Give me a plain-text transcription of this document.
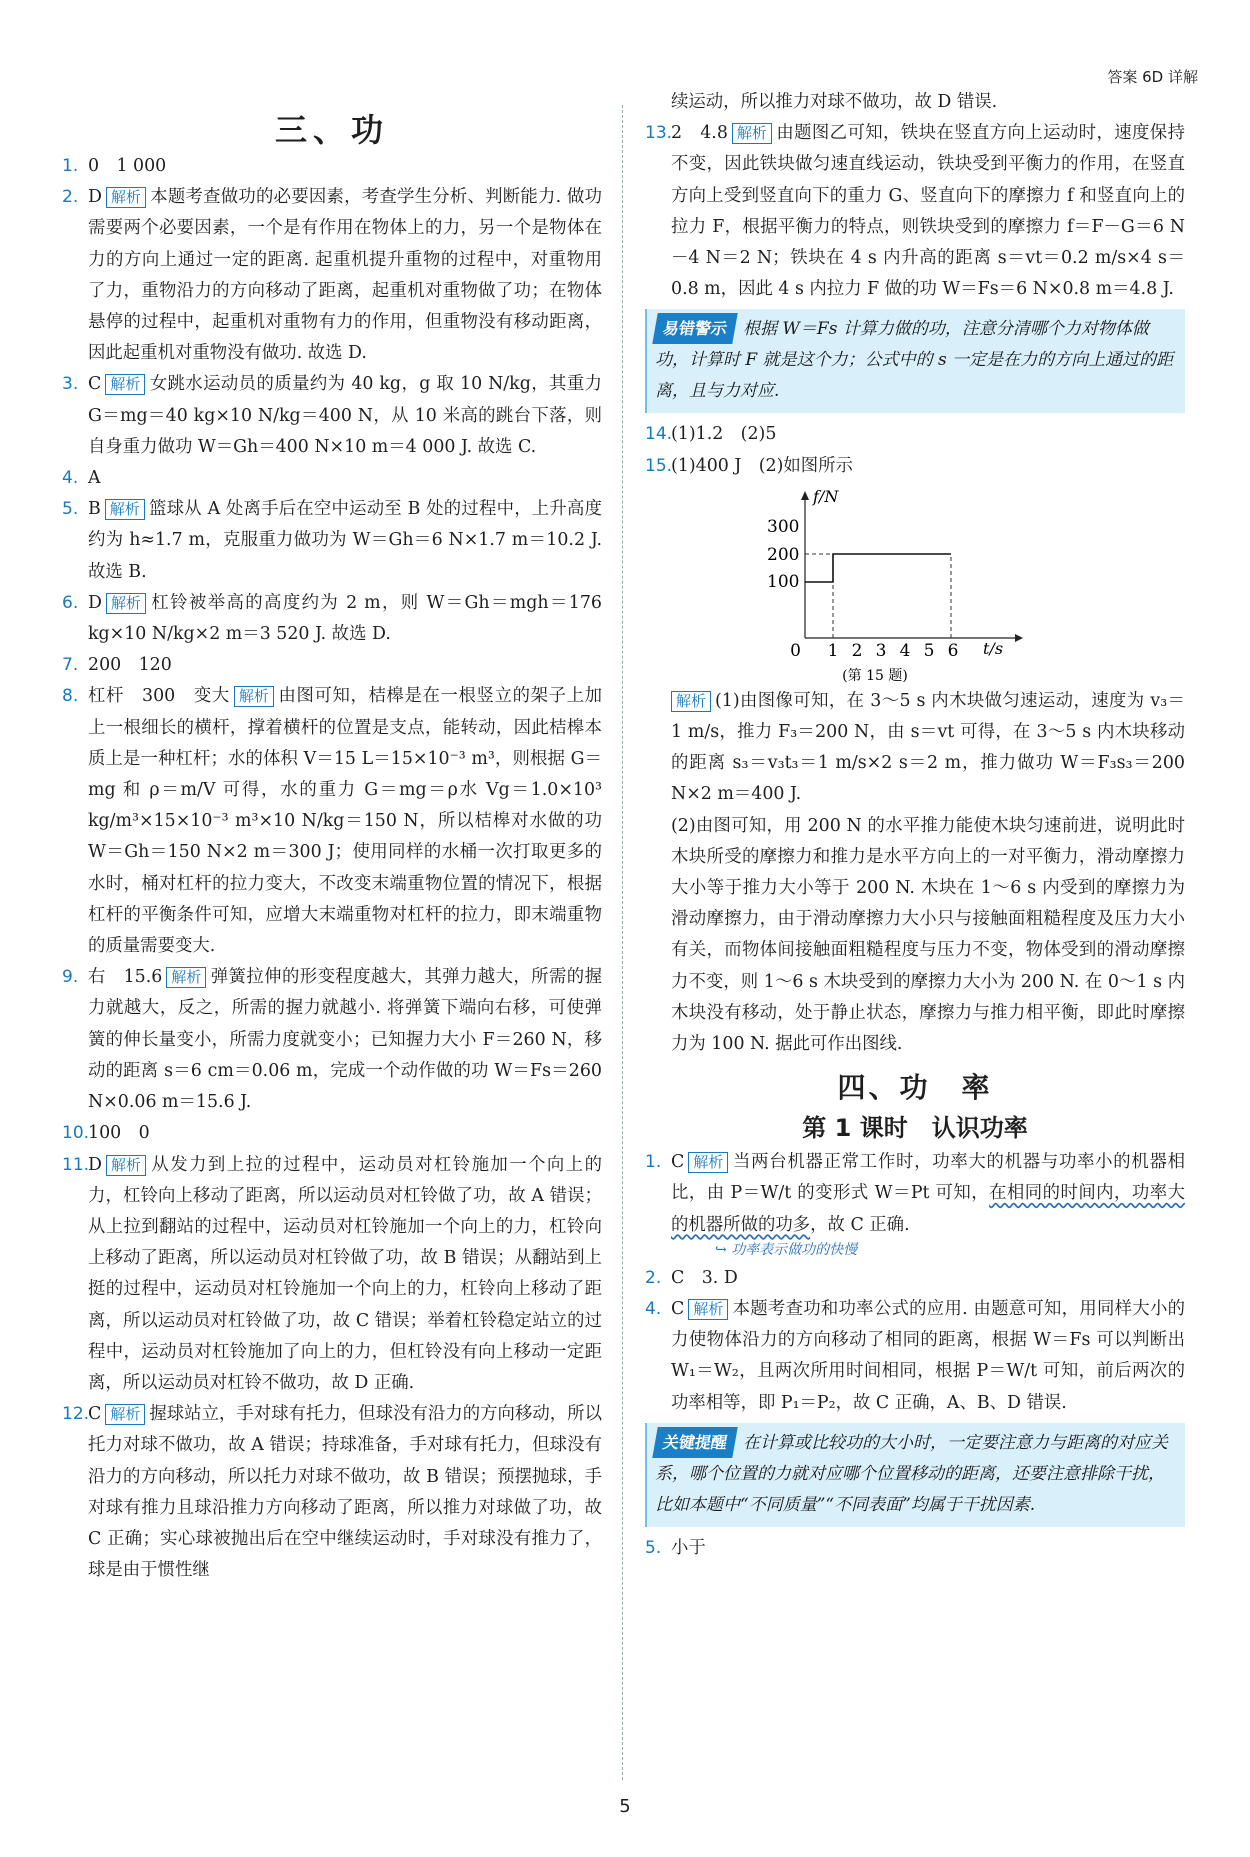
答案 6D 详解
三、功

1. 0　1 000

2. D 解析 本题考查做功的必要因素，考查学生分析、判断能力. 做功需要两个必要因素，一个是有作用在物体上的力，另一个是物体在力的方向上通过一定的距离. 起重机提升重物的过程中，对重物用了力，重物沿力的方向移动了距离，起重机对重物做了功；在物体悬停的过程中，起重机对重物有力的作用，但重物没有移动距离，因此起重机对重物没有做功. 故选 D.

3. C 解析 女跳水运动员的质量约为 40 kg，g 取 10 N/kg，其重力 G＝mg＝40 kg×10 N/kg＝400 N，从 10 米高的跳台下落，则自身重力做功 W＝Gh＝400 N×10 m＝4 000 J. 故选 C.

4. A

5. B 解析 篮球从 A 处离手后在空中运动至 B 处的过程中，上升高度约为 h≈1.7 m，克服重力做功为 W＝Gh＝6 N×1.7 m＝10.2 J. 故选 B.

6. D 解析 杠铃被举高的高度约为 2 m，则 W＝Gh＝mgh＝176 kg×10 N/kg×2 m＝3 520 J. 故选 D.

7. 200　120

8. 杠杆　300　变大 解析 由图可知，桔槔是在一根竖立的架子上加上一根细长的横杆，撑着横杆的位置是支点，能转动，因此桔槔本质上是一种杠杆；水的体积 V＝15 L＝15×10⁻³ m³，则根据 G＝mg 和 ρ＝m/V 可得，水的重力 G＝mg＝ρ水 Vg＝1.0×10³ kg/m³×15×10⁻³ m³×10 N/kg＝150 N，所以桔槔对水做的功 W＝Gh＝150 N×2 m＝300 J；使用同样的水桶一次打取更多的水时，桶对杠杆的拉力变大，不改变末端重物位置的情况下，根据杠杆的平衡条件可知，应增大末端重物对杠杆的拉力，即末端重物的质量需要变大.

9. 右　15.6 解析 弹簧拉伸的形变程度越大，其弹力越大，所需的握力就越大，反之，所需的握力就越小. 将弹簧下端向右移，可使弹簧的伸长量变小，所需力度就变小；已知握力大小 F＝260 N，移动的距离 s＝6 cm＝0.06 m，完成一个动作做的功 W＝Fs＝260 N×0.06 m＝15.6 J.

10.
100　0

11.
D 解析 从发力到上拉的过程中，运动员对杠铃施加一个向上的力，杠铃向上移动了距离，所以运动员对杠铃做了功，故 A 错误；从上拉到翻站的过程中，运动员对杠铃施加一个向上的力，杠铃向上移动了距离，所以运动员对杠铃做了功，故 B 错误；从翻站到上挺的过程中，运动员对杠铃施加一个向上的力，杠铃向上移动了距离，所以运动员对杠铃做了功，故 C 错误；举着杠铃稳定站立的过程中，运动员对杠铃施加了向上的力，但杠铃没有向上移动一定距离，所以运动员对杠铃不做功，故 D 正确.

12.
C 解析 握球站立，手对球有托力，但球没有沿力的方向移动，所以托力对球不做功，故 A 错误；持球准备，手对球有托力，但球没有沿力的方向移动，所以托力对球不做功，故 B 错误；预摆抛球，手对球有推力且球沿推力方向移动了距离，所以推力对球做了功，故 C 正确；实心球被抛出后在空中继续运动时，手对球没有推力了，球是由于惯性继

续运动，所以推力对球不做功，故 D 错误.

13.
2　4.8 解析 由题图乙可知，铁块在竖直方向上运动时，速度保持不变，因此铁块做匀速直线运动，铁块受到平衡力的作用，在竖直方向上受到竖直向下的重力 G、竖直向下的摩擦力 f 和竖直向上的拉力 F，根据平衡力的特点，则铁块受到的摩擦力 f＝F－G＝6 N－4 N＝2 N；铁块在 4 s 内升高的距离 s＝vt＝0.2 m/s×4 s＝0.8 m，因此 4 s 内拉力 F 做的功 W＝Fs＝6 N×0.8 m＝4.8 J.

易错警示 根据 W＝Fs 计算力做的功，注意分清哪个力对物体做功，计算时 F 就是这个力；公式中的 s 一定是在力的方向上通过的距离，且与力对应.

14.
(1)1.2　(2)5

15.
(1)400 J　(2)如图所示

f/N
t/s
300
200
100
0 1 2 3 4 5 6
(第 15 题)

解析 (1)由图像可知，在 3～5 s 内木块做匀速运动，速度为 v₃＝1 m/s，推力 F₃＝200 N，由 s＝vt 可得，在 3～5 s 内木块移动的距离 s₃＝v₃t₃＝1 m/s×2 s＝2 m，推力做功 W＝F₃s₃＝200 N×2 m＝400 J.

(2)由图可知，用 200 N 的水平推力能使木块匀速前进，说明此时木块所受的摩擦力和推力是水平方向上的一对平衡力，滑动摩擦力大小等于推力大小等于 200 N. 木块在 1～6 s 内受到的摩擦力为滑动摩擦力，由于滑动摩擦力大小只与接触面粗糙程度及压力大小有关，而物体间接触面粗糙程度与压力不变，物体受到的滑动摩擦力不变，则 1～6 s 木块受到的摩擦力大小为 200 N. 在 0～1 s 内木块没有移动，处于静止状态，摩擦力与推力相平衡，即此时摩擦力为 100 N. 据此可作出图线.

四、功　率
第 1 课时　认识功率

1. C 解析 当两台机器正常工作时，功率大的机器与功率小的机器相比，由 P＝W/t 的变形式 W＝Pt 可知，在相同的时间内，功率大的机器所做的功多，故 C 正确.

↪ 功率表示做功的快慢

2. C　3. D

4. C 解析 本题考查功和功率公式的应用. 由题意可知，用同样大小的力使物体沿力的方向移动了相同的距离，根据 W＝Fs 可以判断出 W₁＝W₂，且两次所用时间相同，根据 P＝W/t 可知，前后两次的功率相等，即 P₁＝P₂，故 C 正确，A、B、D 错误.

关键提醒 在计算或比较功的大小时，一定要注意力与距离的对应关系，哪个位置的力就对应哪个位置移动的距离，还要注意排除干扰，比如本题中“不同质量”“不同表面”均属于干扰因素.

5. 小于

5
